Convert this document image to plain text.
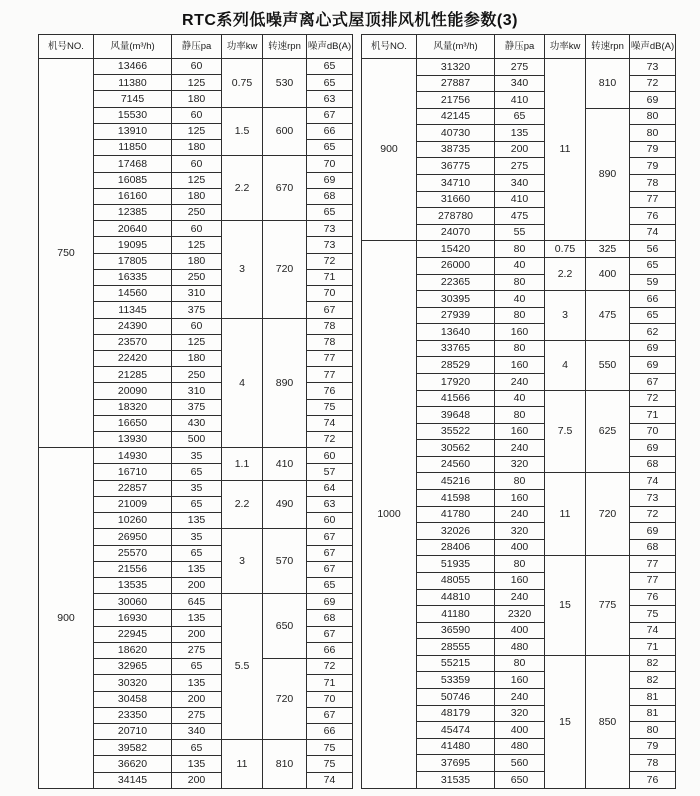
RTC系列低噪声离心式屋顶排风机性能参数(3)
机号NO.	风量(m³/h)	静压pa	功率kw	转速rpn	噪声dB(A)
750	13466	60	0.75	530	65
	11380	125			65
	7145	180			63
	15530	60	1.5	600	67
	13910	125			66
	11850	180			65
	17468	60	2.2	670	70
	16085	125			69
	16160	180			68
	12385	250			65
	20640	60	3	720	73
	19095	125			73
	17805	180			72
	16335	250			71
	14560	310			70
	11345	375			67
	24390	60	4	890	78
	23570	125			78
	22420	180			77
	21285	250			77
	20090	310			76
	18320	375			75
	16650	430			74
	13930	500			72
900	14930	35	1.1	410	60
	16710	65			57
	22857	35	2.2	490	64
	21009	65			63
	10260	135			60
	26950	35	3	570	67
	25570	65			67
	21556	135			67
	13535	200			65
	30060	645	5.5	650	69
	16930	135			68
	22945	200			67
	18620	275			66
	32965	65		720	72
	30320	135			71
	30458	200			70
	23350	275			67
	20710	340			66
	39582	65	11	810	75
	36620	135			75
	34145	200			74
机号NO.	风量(m³/h)	静压pa	功率kw	转速rpn	噪声dB(A)
900	31320	275	11	810	73
	27887	340			72
	21756	410			69
	42145	65		890	80
	40730	135			80
	38735	200			79
	36775	275			79
	34710	340			78
	31660	410			77
	278780	475			76
	24070	55			74
1000	15420	80	0.75	325	56
	26000	40	2.2	400	65
	22365	80			59
	30395	40	3	475	66
	27939	80			65
	13640	160			62
	33765	80	4	550	69
	28529	160			69
	17920	240			67
	41566	40	7.5	625	72
	39648	80			71
	35522	160			70
	30562	240			69
	24560	320			68
	45216	80	11	720	74
	41598	160			73
	41780	240			72
	32026	320			69
	28406	400			68
	51935	80	15	775	77
	48055	160			77
	44810	240			76
	41180	2320			75
	36590	400			74
	28555	480			71
	55215	80	15	850	82
	53359	160			82
	50746	240			81
	48179	320			81
	45474	400			80
	41480	480			79
	37695	560			78
	31535	650			76
